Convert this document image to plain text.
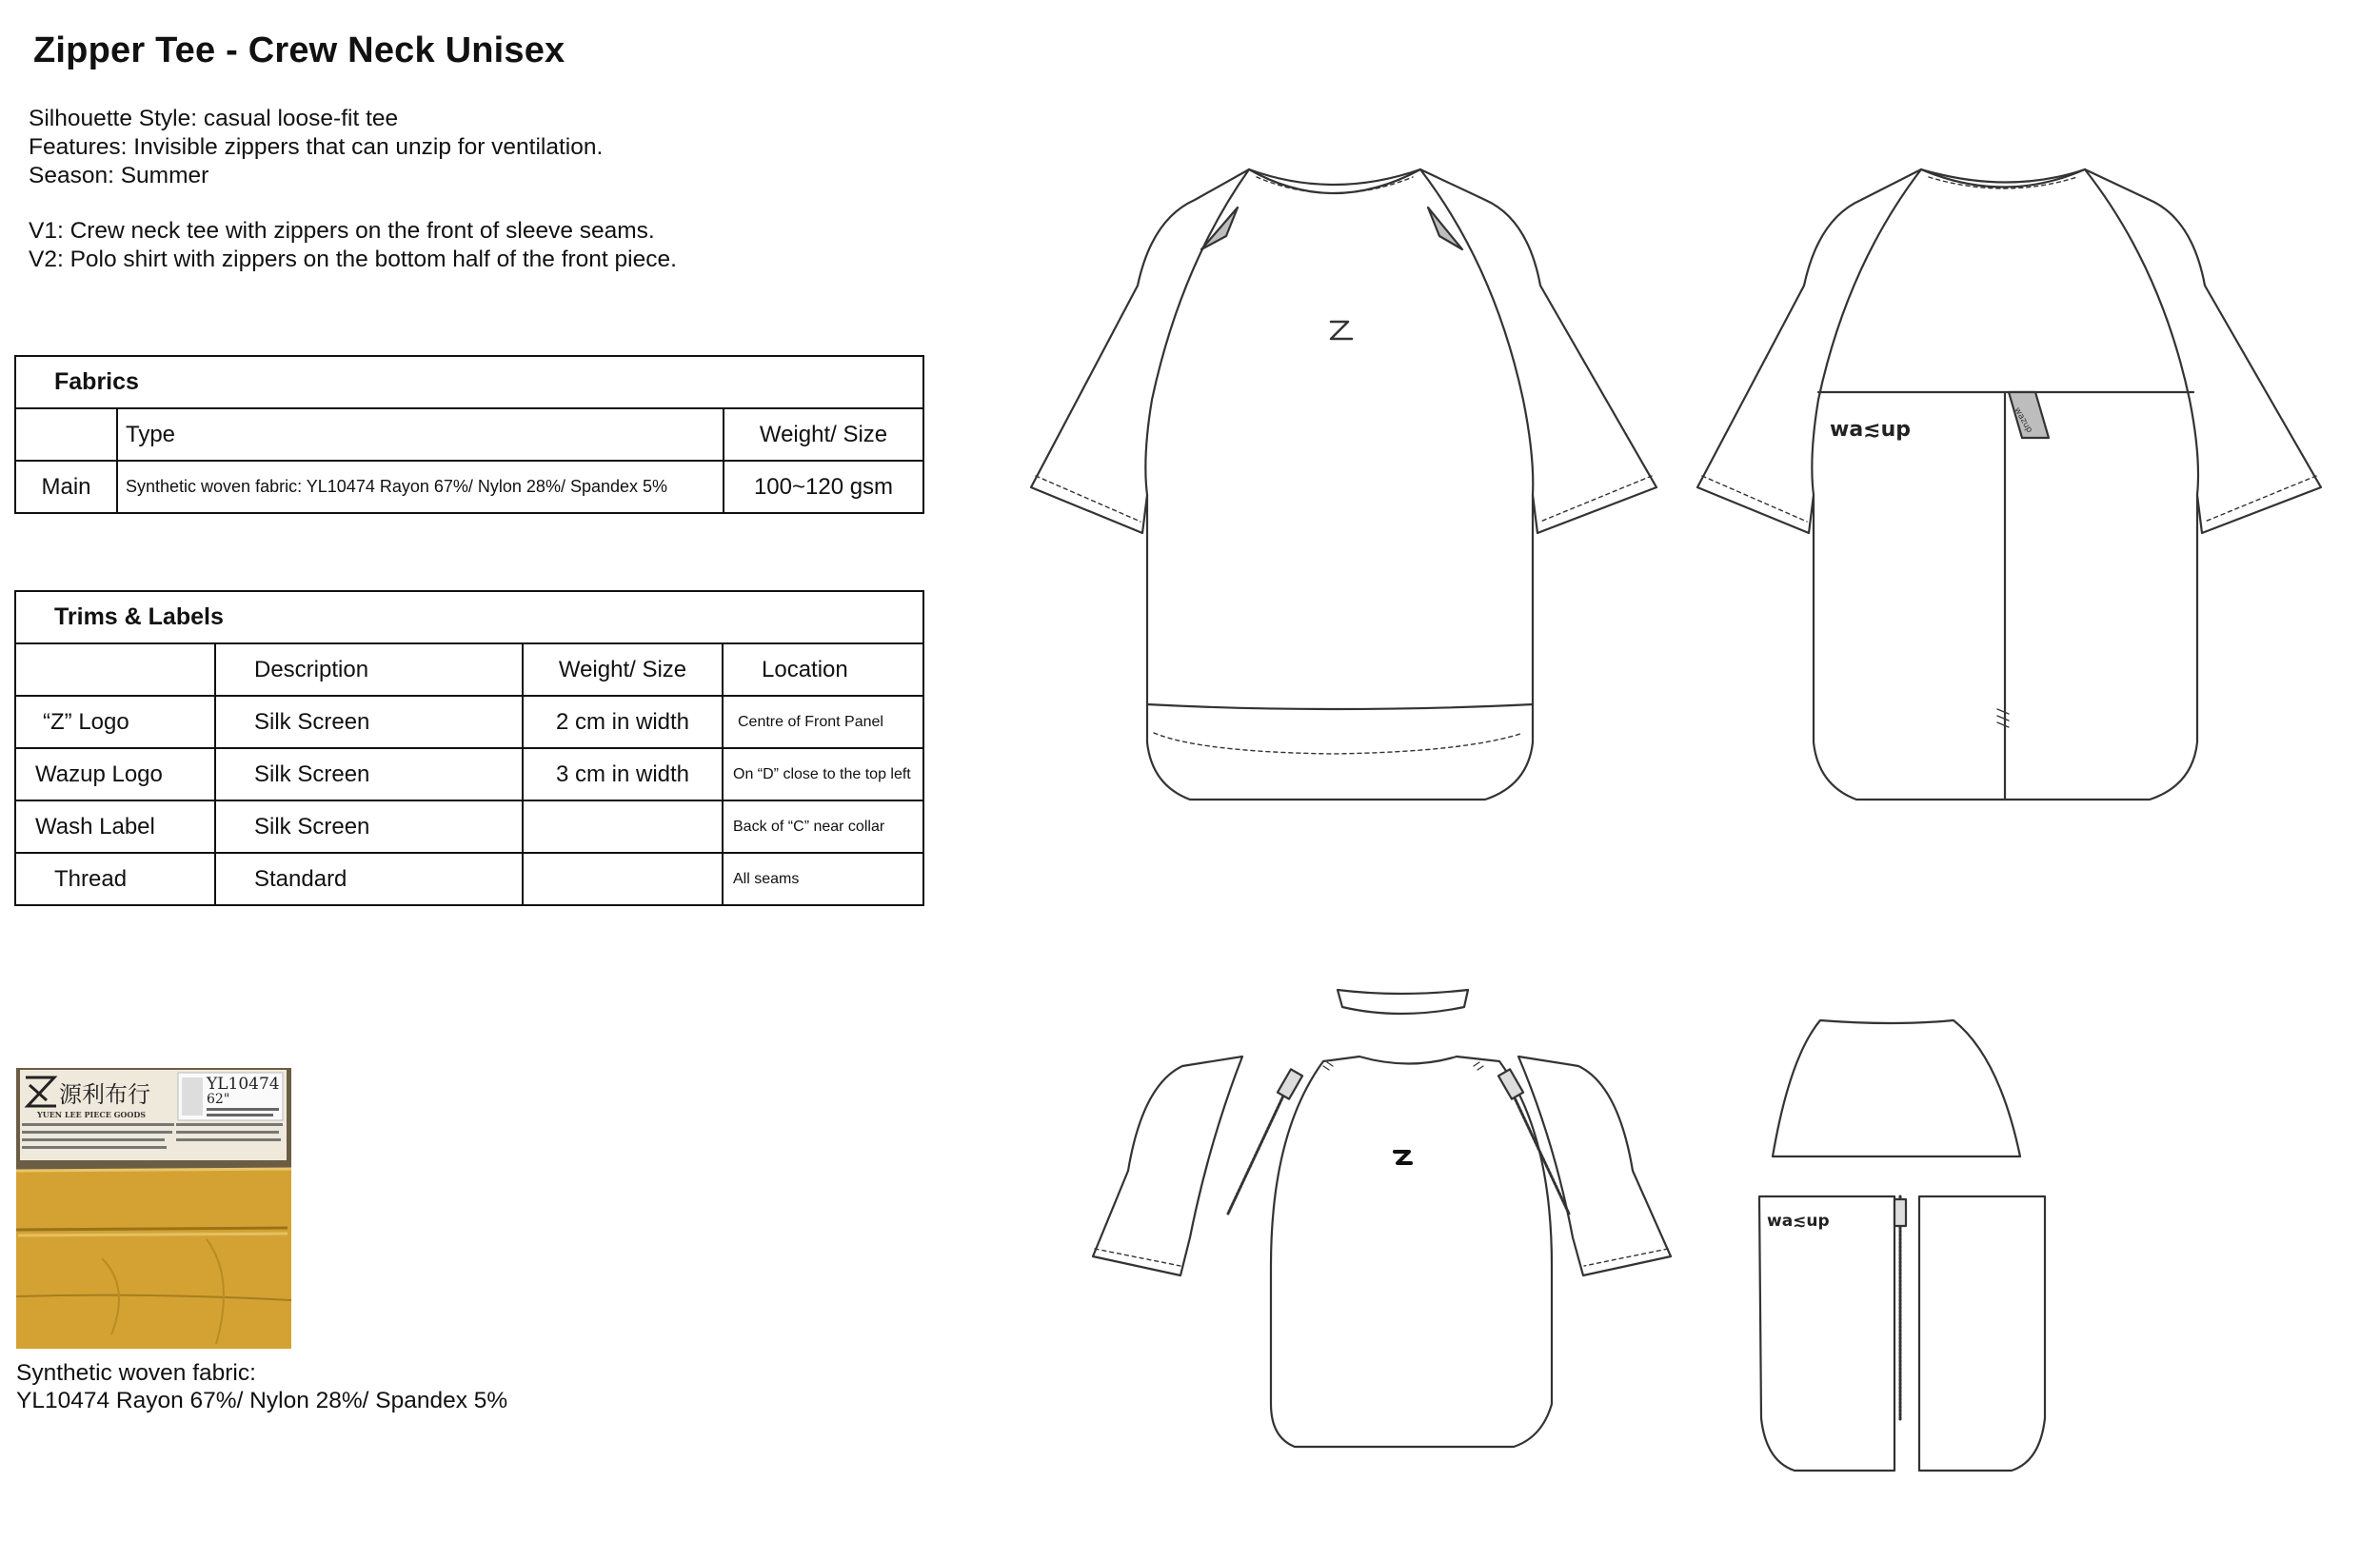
Zipper Tee - Crew Neck Unisex
Silhouette Style: casual loose-fit tee
Features: Invisible zippers that can unzip for ventilation.
Season: Summer
V1: Crew neck tee with zippers on the front of sleeve seams.
V2: Polo shirt with zippers on the bottom half of the front piece.
Fabrics		
	Type	Weight/ Size
Main	Synthetic woven fabric: YL10474 Rayon 67%/ Nylon 28%/ Spandex 5%	100~120 gsm
Trims & Labels			
	Description	Weight/ Size	Location
“Z” Logo	Silk Screen	2 cm in width	Centre of Front Panel
Wazup Logo	Silk Screen	3 cm in width	On “D” close to the top left
Wash Label	Silk Screen		Back of “C” near collar
Thread	Standard		All seams
源利布行
YUEN LEE PIECE GOODS
YL10474
62"
Synthetic woven fabric:
YL10474 Rayon 67%/ Nylon 28%/ Spandex 5%
wazup
wa≲up
wa≲up
